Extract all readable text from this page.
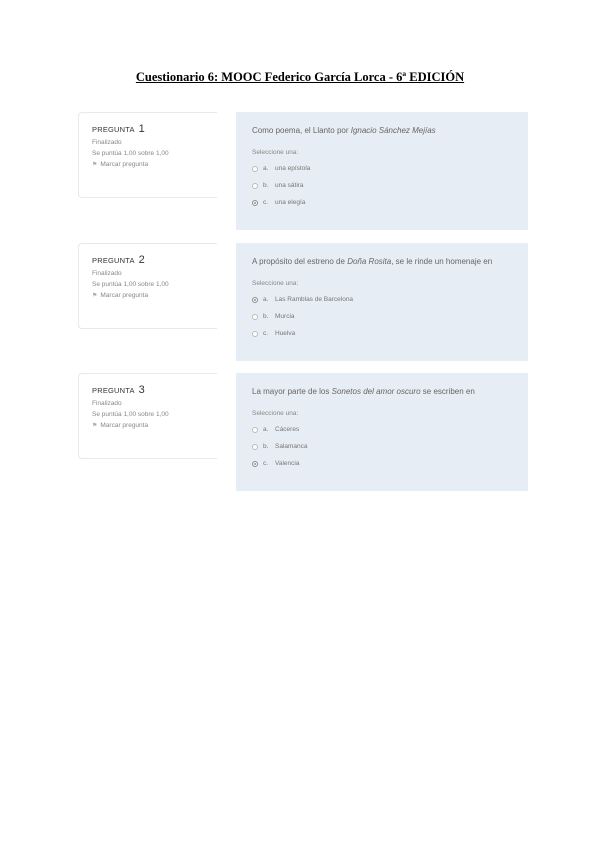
Cuestionario 6: MOOC Federico García Lorca - 6ª EDICIÓN
PREGUNTA 1
Finalizado
Se puntúa 1,00 sobre 1,00
⚑ Marcar pregunta
Como poema, el Llanto por Ignacio Sánchez Mejías
Seleccione una:
a.	una epístola
b.	una sátira
c.	una elegía
PREGUNTA 2
Finalizado
Se puntúa 1,00 sobre 1,00
⚑ Marcar pregunta
A propósito del estreno de Doña Rosita, se le rinde un homenaje en
Seleccione una:
a.	Las Ramblas de Barcelona
b.	Murcia
c.	Huelva
PREGUNTA 3
Finalizado
Se puntúa 1,00 sobre 1,00
⚑ Marcar pregunta
La mayor parte de los Sonetos del amor oscuro se escriben en
Seleccione una:
a.	Cáceres
b.	Salamanca
c.	Valencia
